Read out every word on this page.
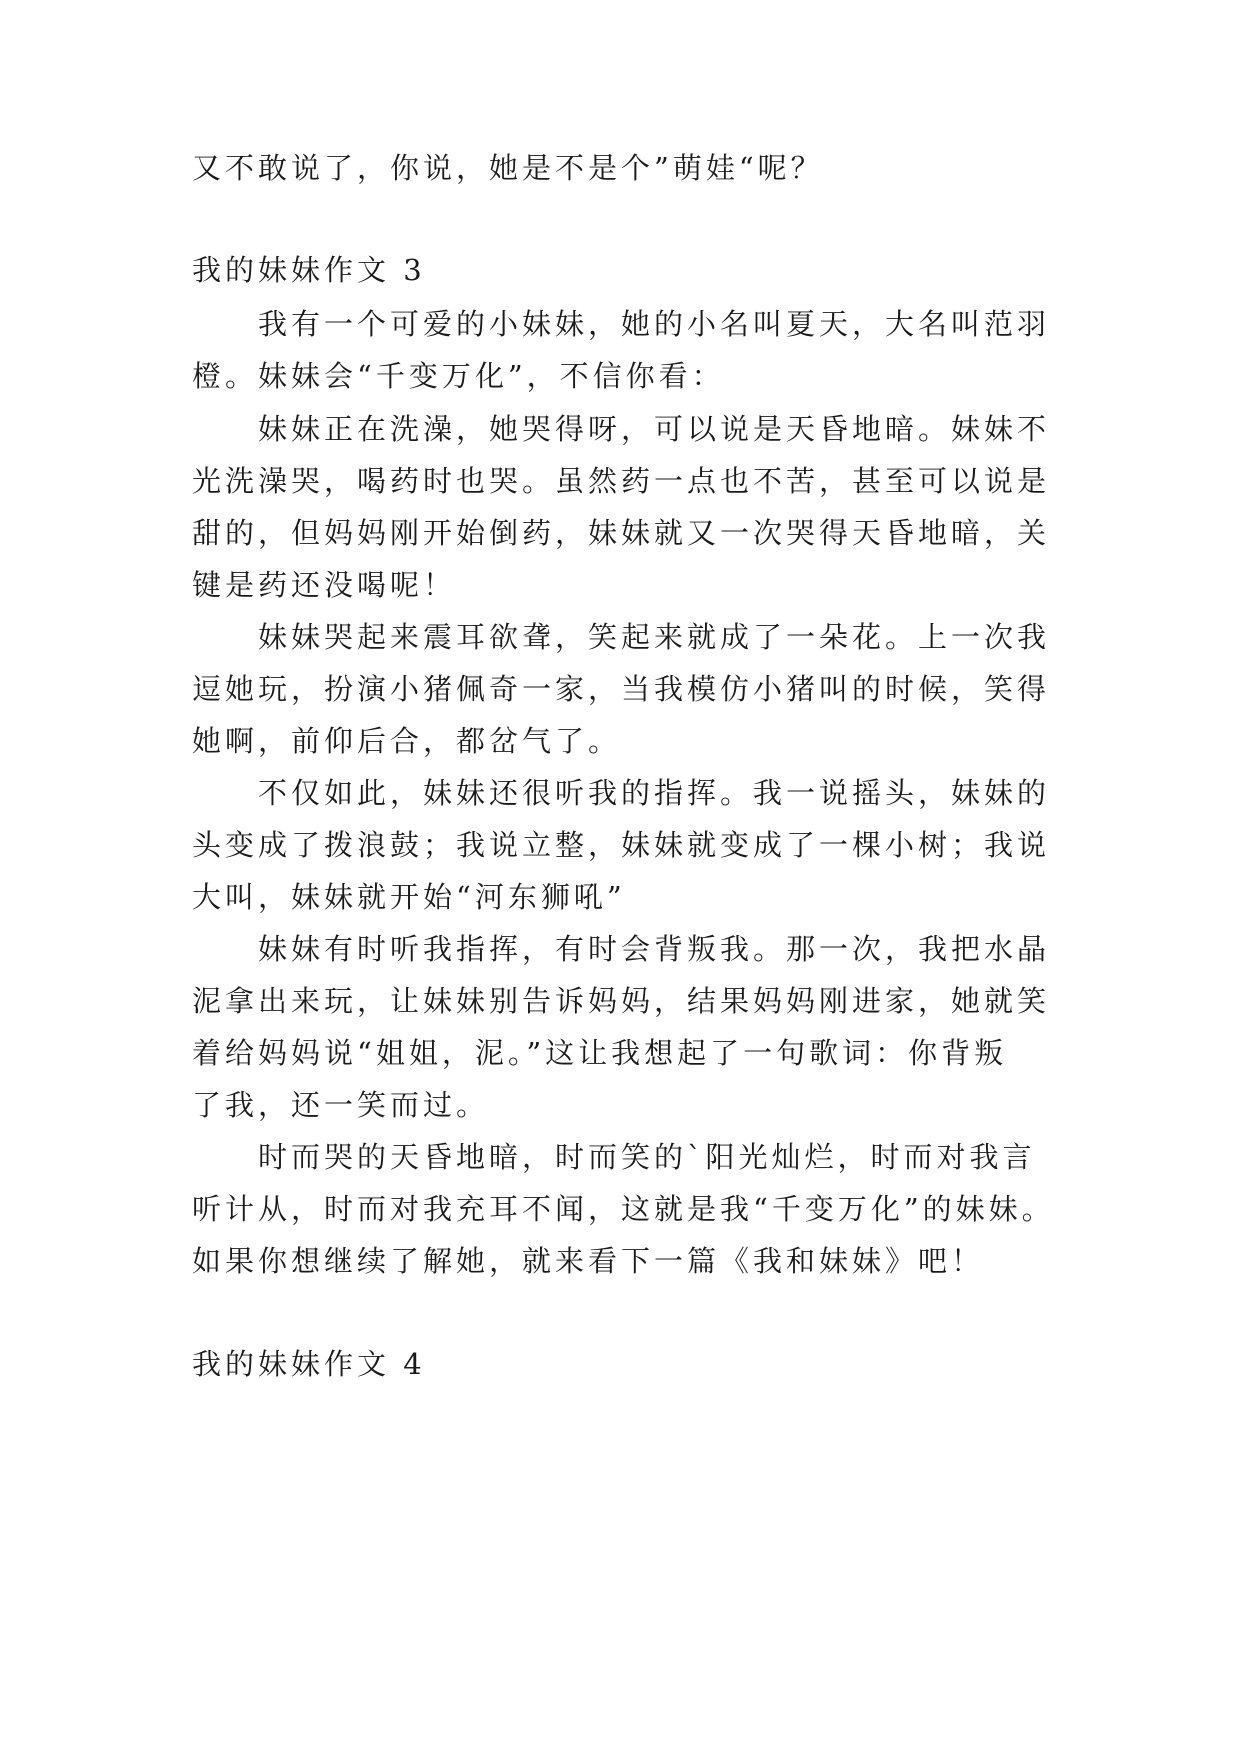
又不敢说了，你说，她是不是个”萌娃“呢？
我的妹妹作文 3
我有一个可爱的小妹妹，她的小名叫夏天，大名叫范羽
橙。妹妹会“千变万化”，不信你看：
妹妹正在洗澡，她哭得呀，可以说是天昏地暗。妹妹不
光洗澡哭，喝药时也哭。虽然药一点也不苦，甚至可以说是
甜的，但妈妈刚开始倒药，妹妹就又一次哭得天昏地暗，关
键是药还没喝呢！
妹妹哭起来震耳欲聋，笑起来就成了一朵花。上一次我
逗她玩，扮演小猪佩奇一家，当我模仿小猪叫的时候，笑得
她啊，前仰后合，都岔气了。
不仅如此，妹妹还很听我的指挥。我一说摇头，妹妹的
头变成了拨浪鼓；我说立整，妹妹就变成了一棵小树；我说
大叫，妹妹就开始“河东狮吼”
妹妹有时听我指挥，有时会背叛我。那一次，我把水晶
泥拿出来玩，让妹妹别告诉妈妈，结果妈妈刚进家，她就笑
着给妈妈说“姐姐，泥。”这让我想起了一句歌词：你背叛
了我，还一笑而过。
时而哭的天昏地暗，时而笑的`阳光灿烂，时而对我言
听计从，时而对我充耳不闻，这就是我“千变万化”的妹妹。
如果你想继续了解她，就来看下一篇《我和妹妹》吧！
我的妹妹作文 4
